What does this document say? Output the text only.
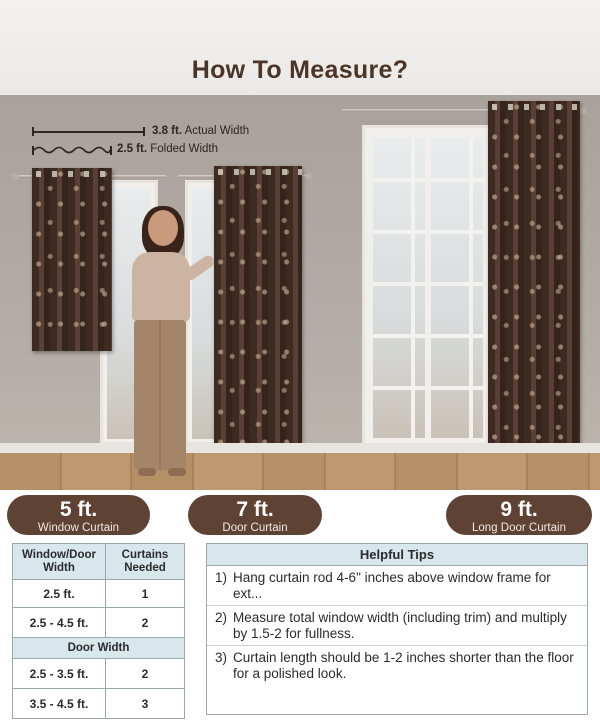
How To Measure?
3.8 ft. Actual Width
2.5 ft. Folded Width
5 ft.
Window Curtain
7 ft.
Door Curtain
9 ft.
Long Door Curtain
Window/Door
Width	Curtains
Needed
2.5 ft.	1
2.5 - 4.5 ft.	2
Door Width	
2.5 - 3.5 ft.	2
3.5 - 4.5 ft.	3
Helpful Tips
1) Hang curtain rod 4-6" inches above window frame for ext...
2) Measure total window width (including trim) and multiply by 1.5-2 for fullness.
3) Curtain length should be 1-2 inches shorter than the floor for a polished look.
